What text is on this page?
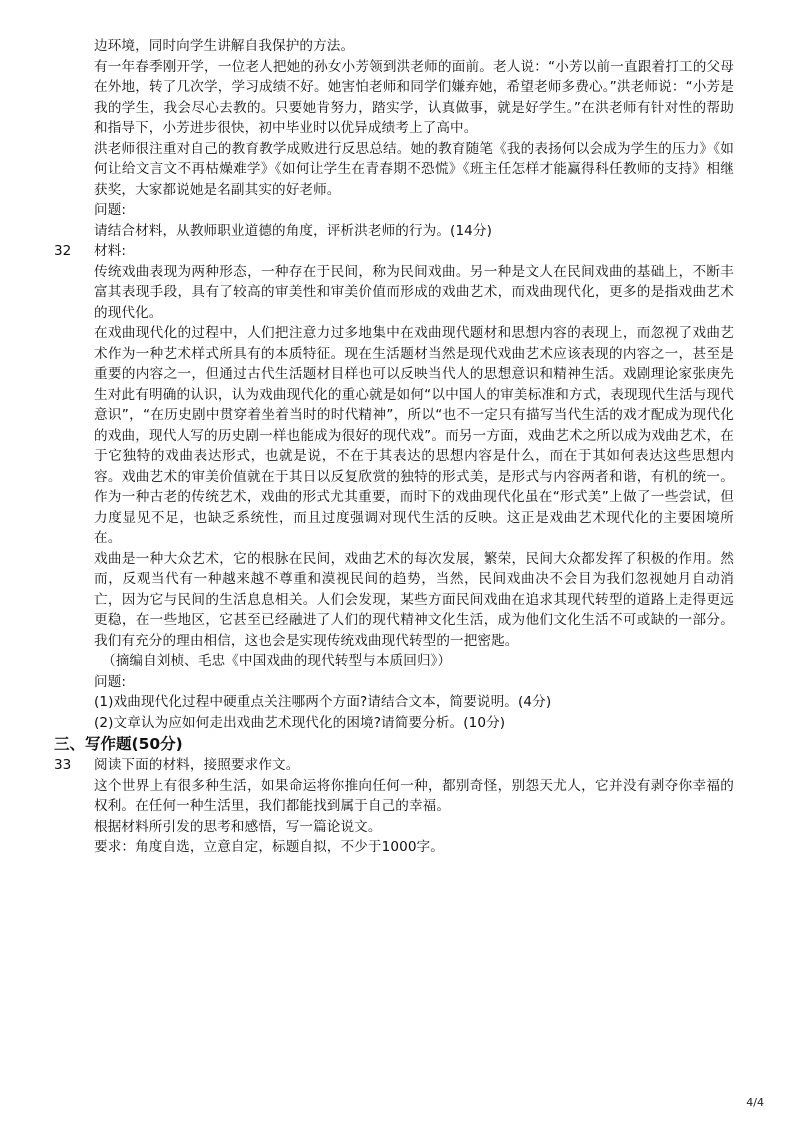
边环境，同时向学生讲解自我保护的方法。

有一年春季刚开学，一位老人把她的孙女小芳领到洪老师的面前。老人说：“小芳以前一直跟着打工的父母在外地，转了几次学，学习成绩不好。她害怕老师和同学们嫌弃她，希望老师多费心。”洪老师说：“小芳是我的学生，我会尽心去教的。只要她肯努力，踏实学，认真做事，就是好学生。”在洪老师有针对性的帮助和指导下，小芳进步很快，初中毕业时以优异成绩考上了高中。

洪老师很注重对自己的教育教学成败进行反思总结。她的教育随笔《我的表扬何以会成为学生的压力》《如何让给文言文不再枯燥难学》《如何让学生在青春期不恐慌》《班主任怎样才能赢得科任教师的支持》相继获奖，大家都说她是名副其实的好老师。

问题:

请结合材料，从教师职业道德的角度，评析洪老师的行为。(14分)

32	材料:

传统戏曲表现为两种形态，一种存在于民间，称为民间戏曲。另一种是文人在民间戏曲的基础上，不断丰富其表现手段，具有了较高的审美性和审美价值而形成的戏曲艺术，而戏曲现代化，更多的是指戏曲艺术的现代化。

在戏曲现代化的过程中，人们把注意力过多地集中在戏曲现代题材和思想内容的表现上，而忽视了戏曲艺术作为一种艺术样式所具有的本质特征。现在生活题材当然是现代戏曲艺术应该表现的内容之一，甚至是重要的内容之一，但通过古代生活题材目样也可以反映当代人的思想意识和精神生活。戏剧理论家张庚先生对此有明确的认识，认为戏曲现代化的重心就是如何“以中国人的审美标准和方式，表现现代生活与现代意识”，“在历史剧中贯穿着坐着当时的时代精神”，所以“也不一定只有描写当代生活的戏才配成为现代化的戏曲，现代人写的历史剧一样也能成为很好的现代戏”。而另一方面，戏曲艺术之所以成为戏曲艺术，在于它独特的戏曲表达形式，也就是说，不在于其表达的思想内容是什么，而在于其如何表达这些思想内容。戏曲艺术的审美价值就在于其日以反复欣赏的独特的形式美，是形式与内容两者和谐，有机的统一。作为一种古老的传统艺术，戏曲的形式尤其重要，而时下的戏曲现代化虽在“形式美”上做了一些尝试，但力度显见不足，也缺乏系统性，而且过度强调对现代生活的反映。这正是戏曲艺术现代化的主要困境所在。

戏曲是一种大众艺术，它的根脉在民间，戏曲艺术的每次发展，繁荣，民间大众都发挥了积极的作用。然而，反观当代有一种越来越不尊重和漠视民间的趋势，当然，民间戏曲决不会目为我们忽视她月自动消亡，因为它与民间的生活息息相关。人们会发现，某些方面民间戏曲在追求其现代转型的道路上走得更远更稳，在一些地区，它甚至已经融进了人们的现代精神文化生活，成为他们文化生活不可或缺的一部分。我们有充分的理由相信，这也会是实现传统戏曲现代转型的一把密匙。

（摘编自刘桢、毛忠《中国戏曲的现代转型与本质回归》）

问题:

(1)戏曲现代化过程中硬重点关注哪两个方面?请结合文本，简要说明。(4分)

(2)文章认为应如何走出戏曲艺术现代化的困境?请简要分析。(10分)

三、写作题(50分)

33	阅读下面的材料，接照要求作文。

这个世界上有很多种生活，如果命运将你推向任何一种，都别奇怪，别怨天尤人，它并没有剥夺你幸福的权利。在任何一种生活里，我们都能找到属于自己的幸福。

根据材料所引发的思考和感悟，写一篇论说文。

要求：角度自选，立意自定，标题自拟，不少于1000字。

4/4
